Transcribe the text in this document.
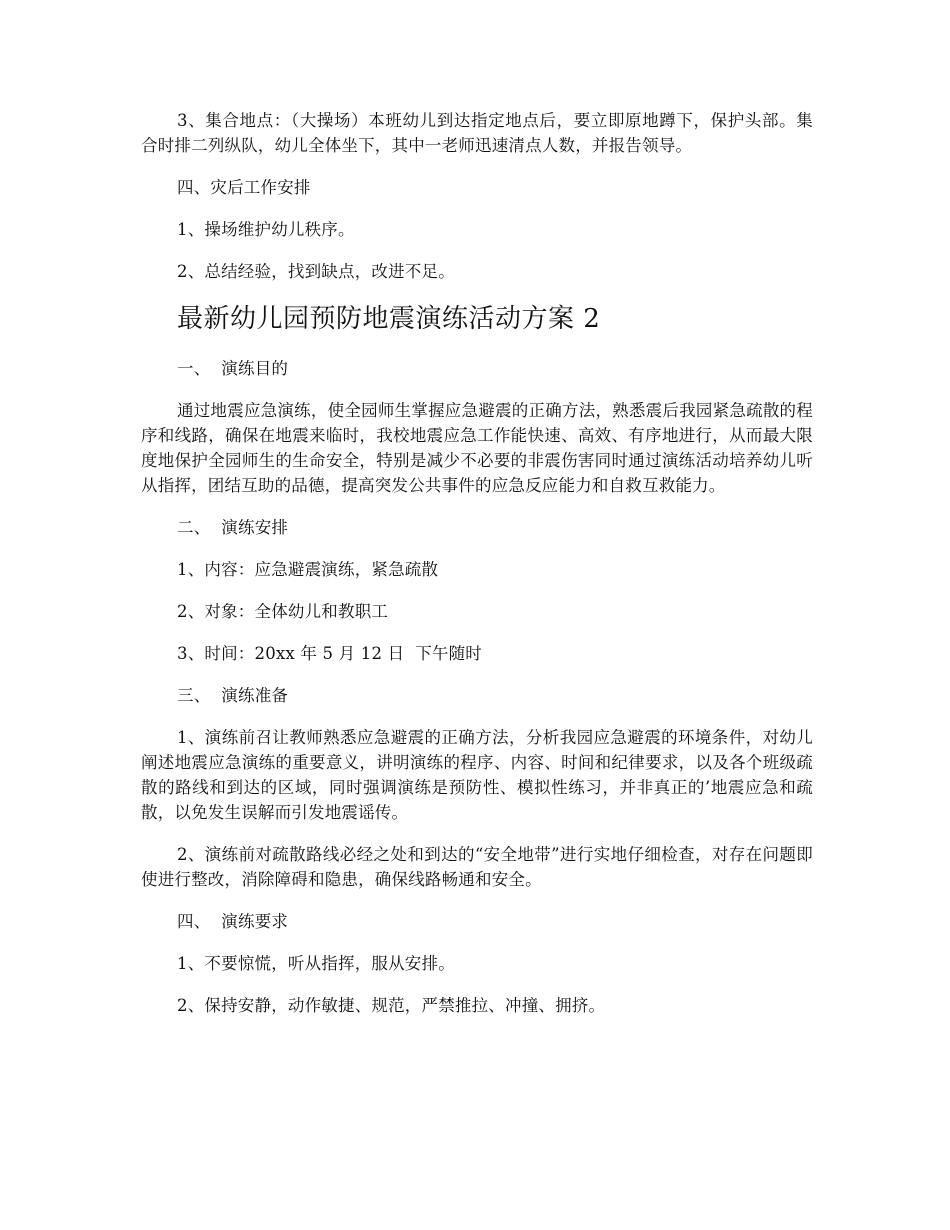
3、集合地点：（大操场）本班幼儿到达指定地点后，要立即原地蹲下，保护头部。集合时排二列纵队，幼儿全体坐下，其中一老师迅速清点人数，并报告领导。

四、灾后工作安排

1、操场维护幼儿秩序。

2、总结经验，找到缺点，改进不足。

最新幼儿园预防地震演练活动方案 2

一、  演练目的

通过地震应急演练，使全园师生掌握应急避震的正确方法，熟悉震后我园紧急疏散的程序和线路，确保在地震来临时，我校地震应急工作能快速、高效、有序地进行，从而最大限度地保护全园师生的生命安全，特别是减少不必要的非震伤害同时通过演练活动培养幼儿听从指挥，团结互助的品德，提高突发公共事件的应急反应能力和自救互救能力。

二、  演练安排

1、内容：应急避震演练，紧急疏散

2、对象：全体幼儿和教职工

3、时间：20xx 年 5 月 12 日  下午随时

三、  演练准备

1、演练前召让教师熟悉应急避震的正确方法，分析我园应急避震的环境条件，对幼儿阐述地震应急演练的重要意义，讲明演练的程序、内容、时间和纪律要求，以及各个班级疏散的路线和到达的区域，同时强调演练是预防性、模拟性练习，并非真正的’地震应急和疏散，以免发生误解而引发地震谣传。

2、演练前对疏散路线必经之处和到达的“安全地带”进行实地仔细检查，对存在问题即使进行整改，消除障碍和隐患，确保线路畅通和安全。

四、  演练要求

1、不要惊慌，听从指挥，服从安排。

2、保持安静，动作敏捷、规范，严禁推拉、冲撞、拥挤。
